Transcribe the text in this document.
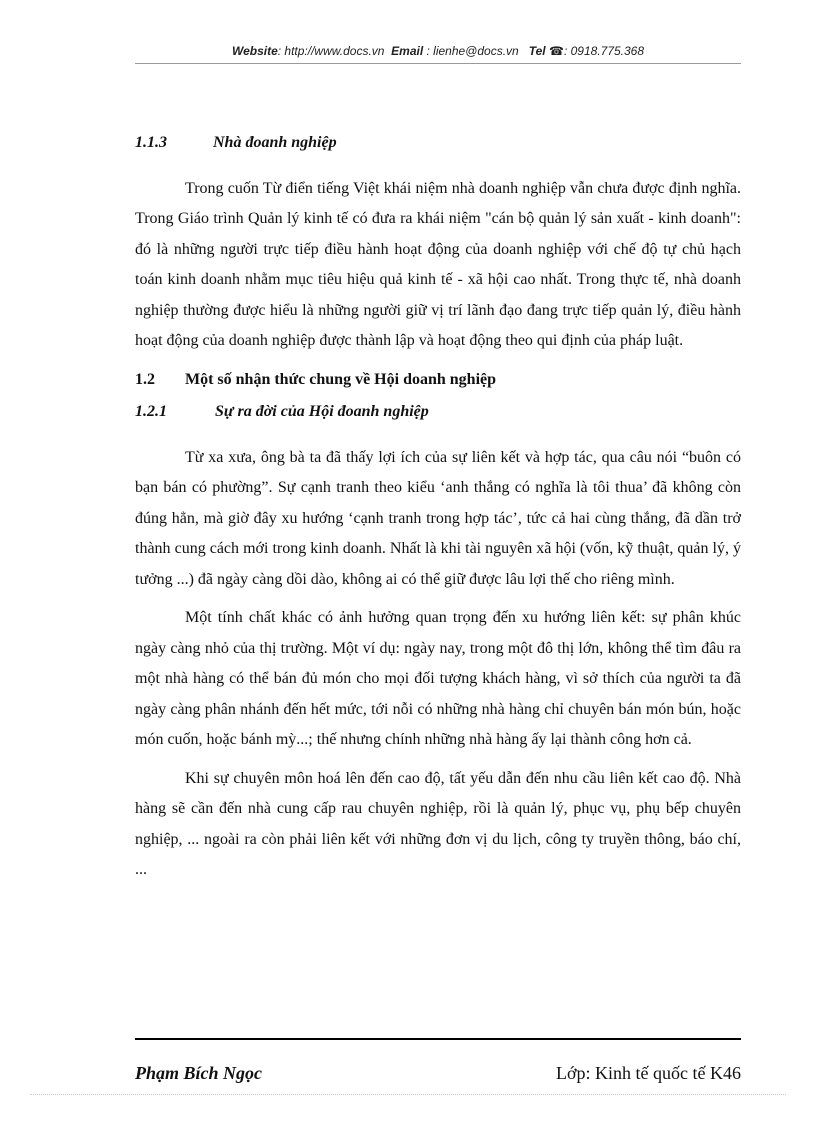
Website: http://www.docs.vn Email : lienhe@docs.vn Tel ☎: 0918.775.368
1.1.3	Nhà đoanh nghiệp

Trong cuốn Từ điển tiếng Việt khái niệm nhà doanh nghiệp vẫn chưa được định nghĩa. Trong Giáo trình Quản lý kinh tế có đưa ra khái niệm "cán bộ quản lý sản xuất - kinh doanh": đó là những người trực tiếp điều hành hoạt động của doanh nghiệp với chế độ tự chủ hạch toán kinh doanh nhằm mục tiêu hiệu quả kinh tế - xã hội cao nhất. Trong thực tế, nhà doanh nghiệp thường được hiểu là những người giữ vị trí lãnh đạo đang trực tiếp quản lý, điều hành hoạt động của doanh nghiệp được thành lập và hoạt động theo qui định của pháp luật.

1.2 Một số nhận thức chung về Hội doanh nghiệp
1.2.1	Sự ra đời của Hội đoanh nghiệp

Từ xa xưa, ông bà ta đã thấy lợi ích của sự liên kết và hợp tác, qua câu nói “buôn có bạn bán có phường”. Sự cạnh tranh theo kiểu ‘anh thắng có nghĩa là tôi thua’ đã không còn đúng hẳn, mà giờ đây xu hướng ‘cạnh tranh trong hợp tác’, tức cả hai cùng thắng, đã dần trở thành cung cách mới trong kinh doanh. Nhất là khi tài nguyên xã hội (vốn, kỹ thuật, quản lý, ý tưởng ...) đã ngày càng dồi dào, không ai có thể giữ được lâu lợi thế cho riêng mình.

Một tính chất khác có ảnh hưởng quan trọng đến xu hướng liên kết: sự phân khúc ngày càng nhỏ của thị trường. Một ví dụ: ngày nay, trong một đô thị lớn, không thể tìm đâu ra một nhà hàng có thể bán đủ món cho mọi đối tượng khách hàng, vì sở thích của người ta đã ngày càng phân nhánh đến hết mức, tới nỗi có những nhà hàng chỉ chuyên bán món bún, hoặc món cuốn, hoặc bánh mỳ...; thế nhưng chính những nhà hàng ấy lại thành công hơn cả.

Khi sự chuyên môn hoá lên đến cao độ, tất yếu dẫn đến nhu cầu liên kết cao độ. Nhà hàng sẽ cần đến nhà cung cấp rau chuyên nghiệp, rồi là quản lý, phục vụ, phụ bếp chuyên nghiệp, ... ngoài ra còn phải liên kết với những đơn vị du lịch, công ty truyền thông, báo chí, ...

Phạm Bích Ngọc	Lớp: Kinh tế quốc tế K46
